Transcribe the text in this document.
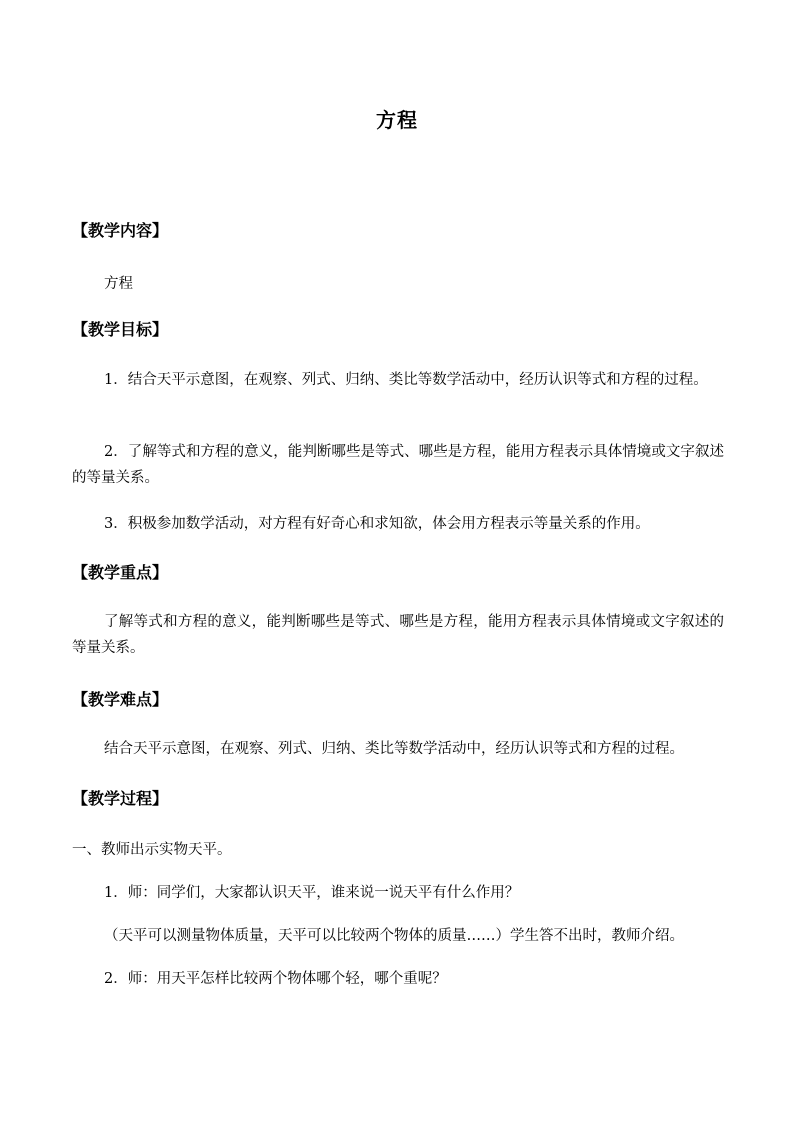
方程
【教学内容】
方程
【教学目标】
1．结合天平示意图，在观察、列式、归纳、类比等数学活动中，经历认识等式和方程的过程。
2．了解等式和方程的意义，能判断哪些是等式、哪些是方程，能用方程表示具体情境或文字叙述的等量关系。
3．积极参加数学活动，对方程有好奇心和求知欲，体会用方程表示等量关系的作用。
【教学重点】
了解等式和方程的意义，能判断哪些是等式、哪些是方程，能用方程表示具体情境或文字叙述的等量关系。
【教学难点】
结合天平示意图，在观察、列式、归纳、类比等数学活动中，经历认识等式和方程的过程。
【教学过程】
一、教师出示实物天平。
1．师：同学们，大家都认识天平，谁来说一说天平有什么作用？
（天平可以测量物体质量，天平可以比较两个物体的质量……）学生答不出时，教师介绍。
2．师：用天平怎样比较两个物体哪个轻，哪个重呢？
